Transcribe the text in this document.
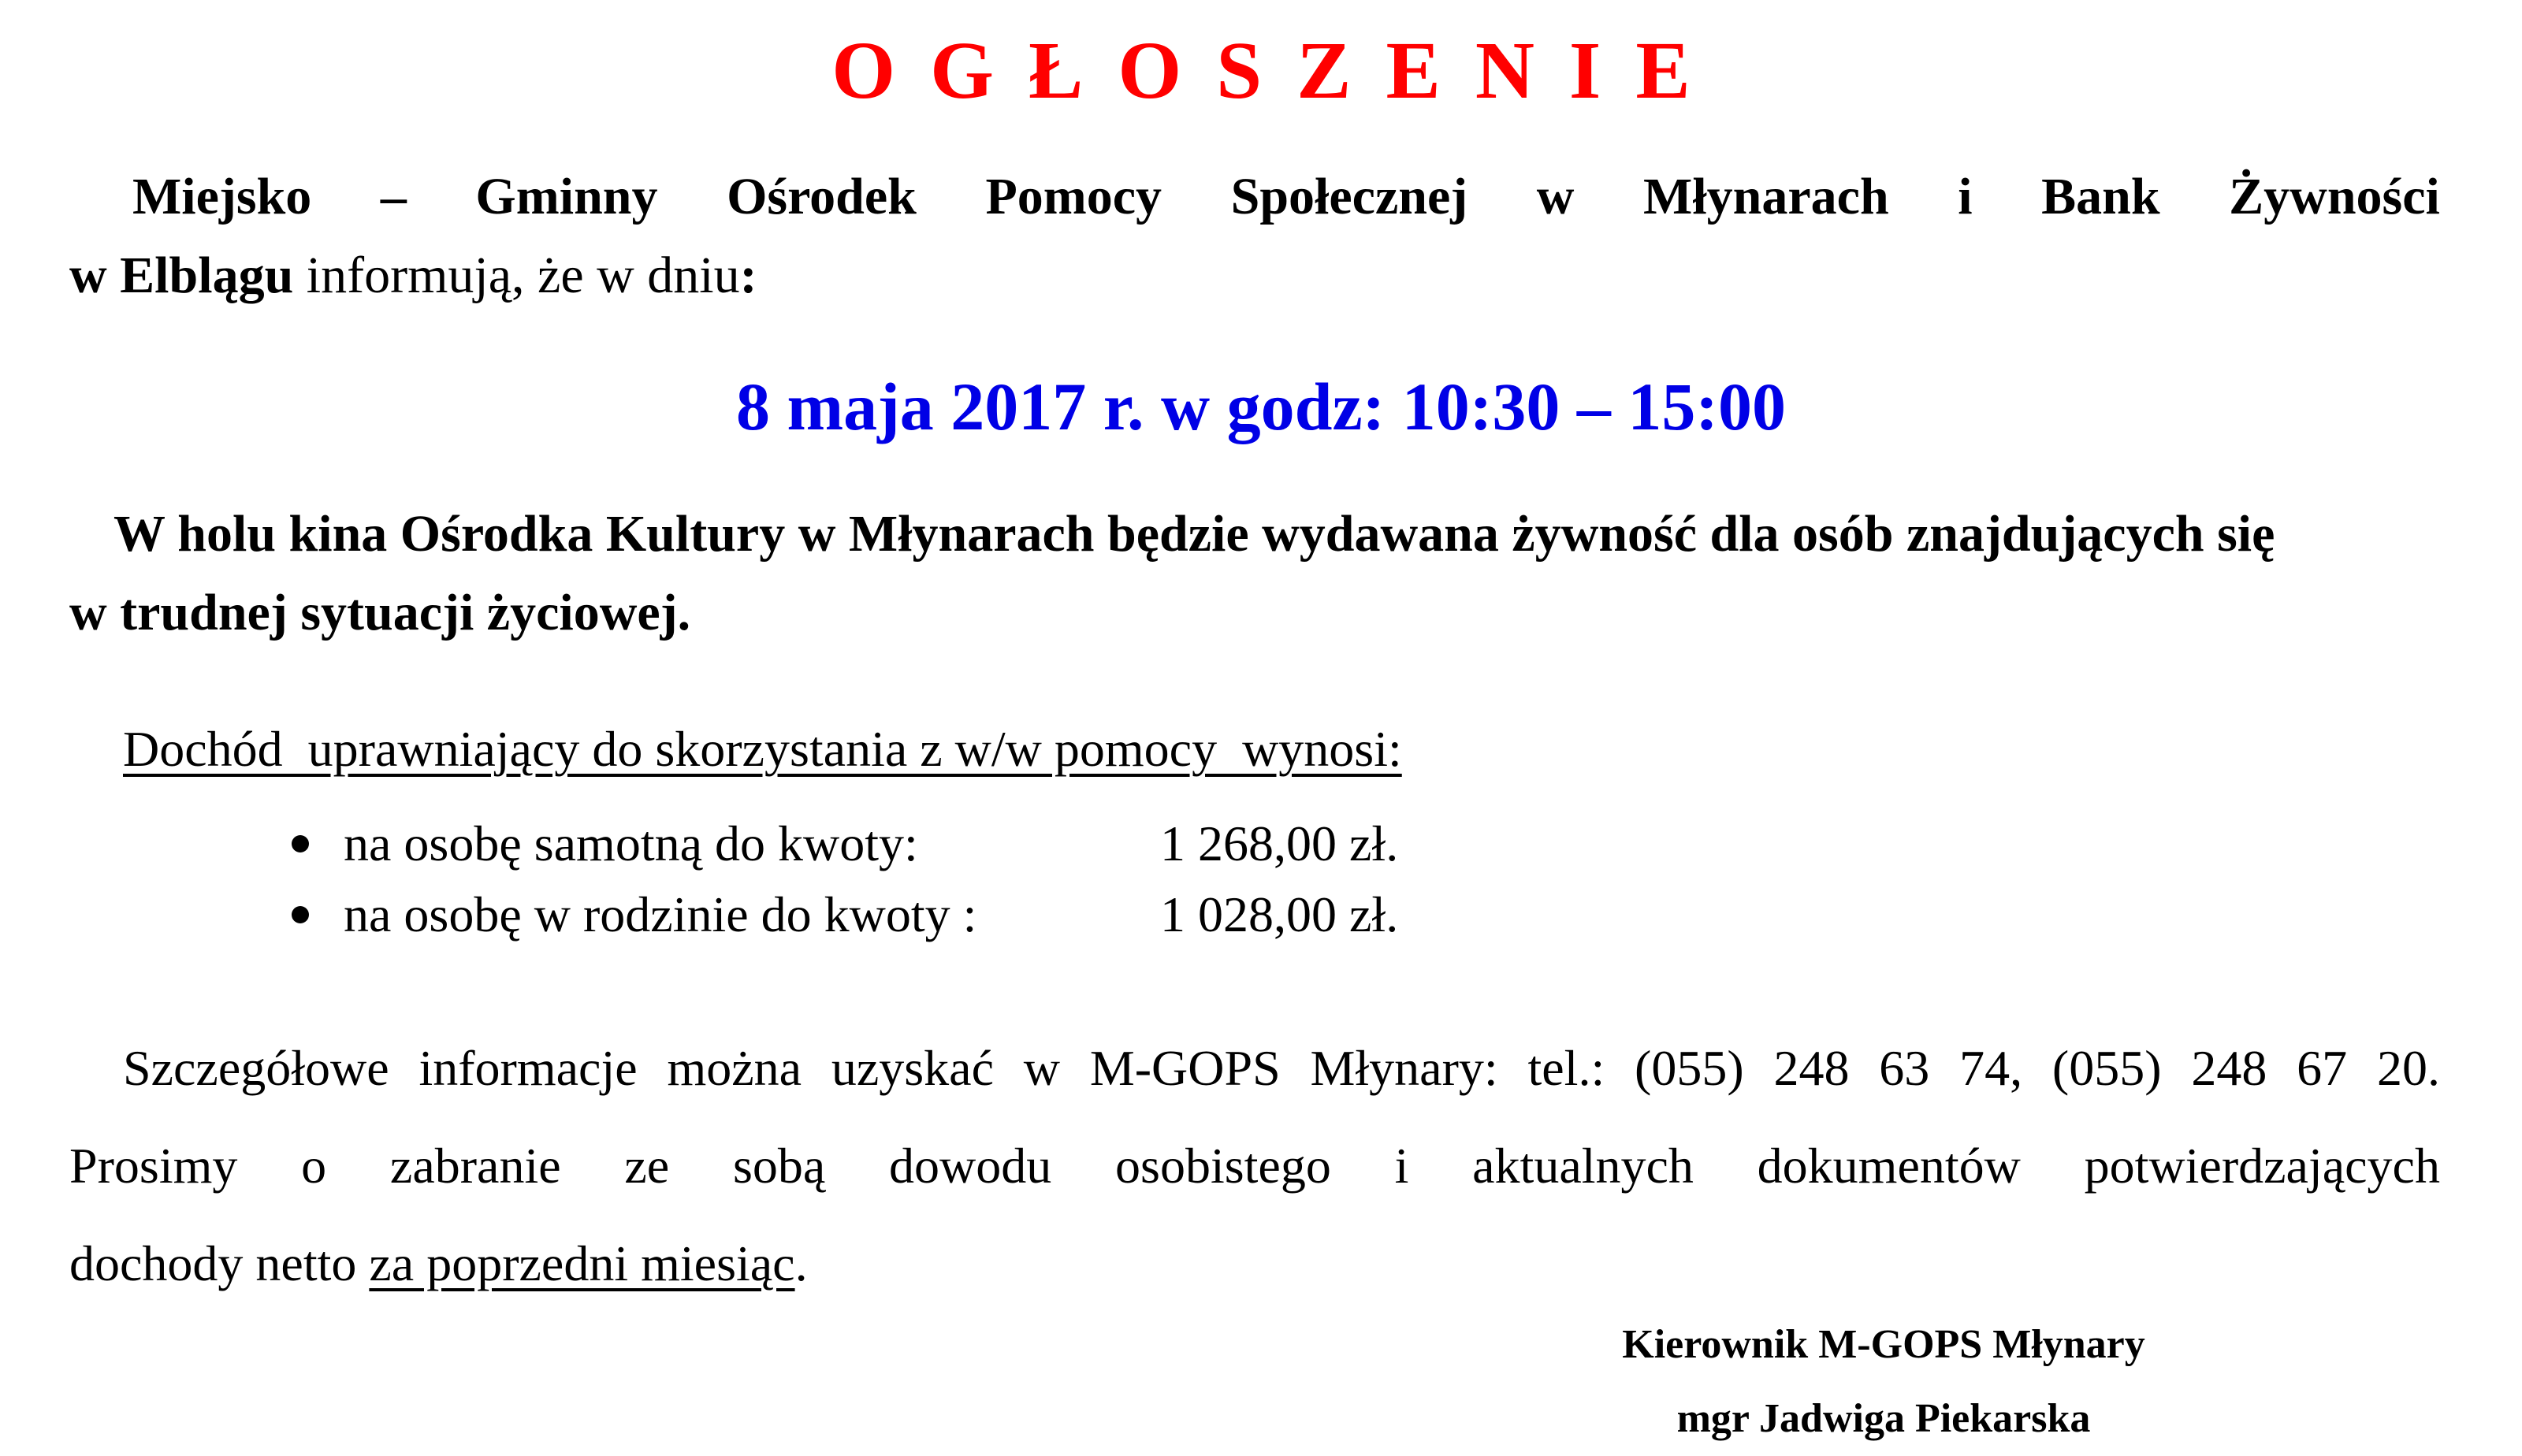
OGŁOSZENIE
Miejsko – Gminny Ośrodek Pomocy Społecznej w Młynarach i Bank Żywności
w Elblągu informują, że w dniu:
8 maja 2017 r. w godz: 10:30 – 15:00
W holu kina Ośrodka Kultury w Młynarach będzie wydawana żywność dla osób znajdujących się
w trudnej sytuacji życiowej.
Dochód  uprawniający do skorzystania z w/w pomocy  wynosi:
na osobę samotną do kwoty:	1 268,00 zł.
na osobę w rodzinie do kwoty :	1 028,00 zł.
Szczegółowe informacje można uzyskać w M-GOPS Młynary: tel.: (055) 248 63 74, (055) 248 67 20.
Prosimy o zabranie ze sobą dowodu osobistego i aktualnych dokumentów potwierdzających
dochody netto za poprzedni miesiąc.
Kierownik M-GOPS Młynary
mgr Jadwiga Piekarska
